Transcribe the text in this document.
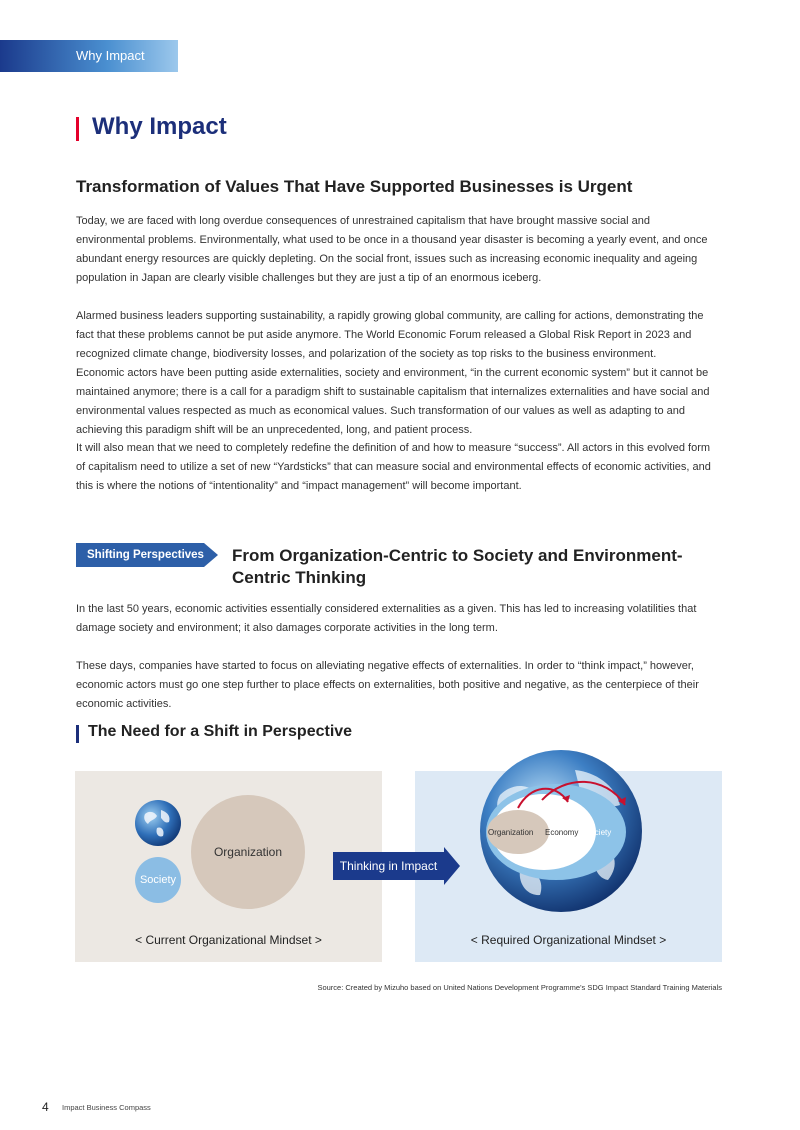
Why Impact
Why Impact
Transformation of Values That Have Supported Businesses is Urgent

Today, we are faced with long overdue consequences of unrestrained capitalism that have brought massive social and environmental problems. Environmentally, what used to be once in a thousand year disaster is becoming a yearly event, and once abundant energy resources are quickly depleting. On the social front, issues such as increasing economic inequality and ageing population in Japan are clearly visible challenges but they are just a tip of an enormous iceberg.

Alarmed business leaders supporting sustainability, a rapidly growing global community, are calling for actions, demonstrating the fact that these problems cannot be put aside anymore. The World Economic Forum released a Global Risk Report in 2023 and recognized climate change, biodiversity losses, and polarization of the society as top risks to the business environment.

Economic actors have been putting aside externalities, society and environment, “in the current economic system” but it cannot be maintained anymore; there is a call for a paradigm shift to sustainable capitalism that internalizes externalities and have social and environmental values respected as much as economical values. Such transformation of our values as well as adapting to and achieving this paradigm shift will be an unprecedented, long, and patient process.

It will also mean that we need to completely redefine the definition of and how to measure “success”. All actors in this evolved form of capitalism need to utilize a set of new “Yardsticks” that can measure social and environmental effects of economic activities, and this is where the notions of “intentionality” and “impact management” will become important.

Shifting Perspectives From Organization-Centric to Society and Environment-
Centric Thinking

In the last 50 years, economic activities essentially considered externalities as a given. This has led to increasing volatilities that damage society and environment; it also damages corporate activities in the long term.

These days, companies have started to focus on alleviating negative effects of externalities. In order to “think impact,” however, economic actors must go one step further to place effects on externalities, both positive and negative, as the centerpiece of their economic activities.

The Need for a Shift in Perspective
Organization
Society
< Current Organizational Mindset >
Thinking in Impact
Organization Economy Society
< Required Organizational Mindset >
Source: Created by Mizuho based on United Nations Development Programme's SDG Impact Standard Training Materials
4 Impact Business Compass
